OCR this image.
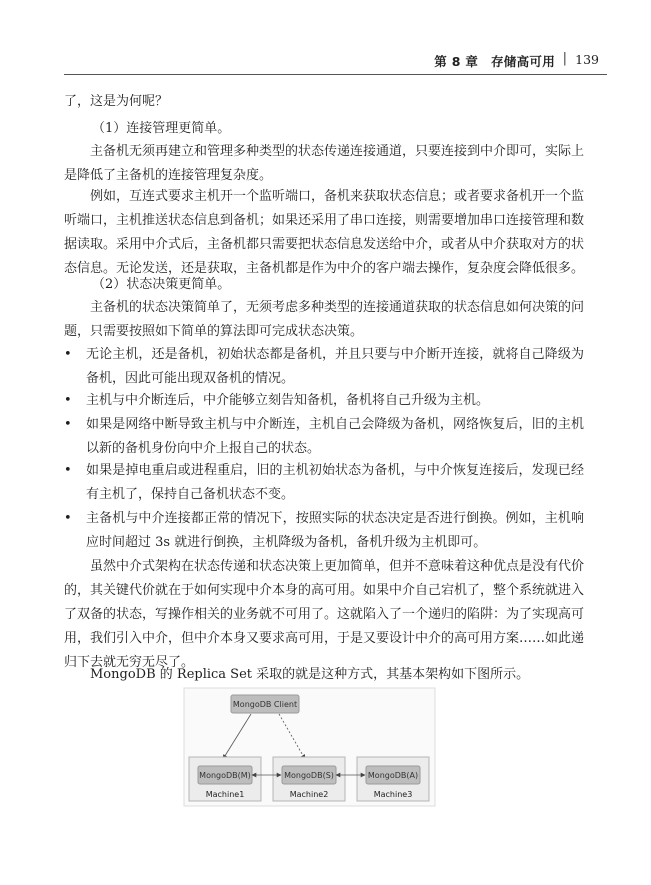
第 8 章　存储高可用 | 139

了，这是为何呢？

（1）连接管理更简单。

主备机无须再建立和管理多种类型的状态传递连接通道，只要连接到中介即可，实际上是降低了主备机的连接管理复杂度。

例如，互连式要求主机开一个监听端口，备机来获取状态信息；或者要求备机开一个监听端口，主机推送状态信息到备机；如果还采用了串口连接，则需要增加串口连接管理和数据读取。采用中介式后，主备机都只需要把状态信息发送给中介，或者从中介获取对方的状态信息。无论发送，还是获取，主备机都是作为中介的客户端去操作，复杂度会降低很多。

（2）状态决策更简单。

主备机的状态决策简单了，无须考虑多种类型的连接通道获取的状态信息如何决策的问题，只需要按照如下简单的算法即可完成状态决策。

•	无论主机，还是备机，初始状态都是备机，并且只要与中介断开连接，就将自己降级为备机，因此可能出现双备机的情况。
•	主机与中介断连后，中介能够立刻告知备机，备机将自己升级为主机。
•	如果是网络中断导致主机与中介断连，主机自己会降级为备机，网络恢复后，旧的主机以新的备机身份向中介上报自己的状态。
•	如果是掉电重启或进程重启，旧的主机初始状态为备机，与中介恢复连接后，发现已经有主机了，保持自己备机状态不变。
•	主备机与中介连接都正常的情况下，按照实际的状态决定是否进行倒换。例如，主机响应时间超过 3s 就进行倒换，主机降级为备机，备机升级为主机即可。

虽然中介式架构在状态传递和状态决策上更加简单，但并不意味着这种优点是没有代价的，其关键代价就在于如何实现中介本身的高可用。如果中介自己宕机了，整个系统就进入了双备的状态，写操作相关的业务就不可用了。这就陷入了一个递归的陷阱：为了实现高可用，我们引入中介，但中介本身又要求高可用，于是又要设计中介的高可用方案……如此递归下去就无穷无尽了。

MongoDB 的 Replica Set 采取的就是这种方式，其基本架构如下图所示。

MongoDB Client
MongoDB(M)
Machine1
MongoDB(S)
Machine2
MongoDB(A)
Machine3
